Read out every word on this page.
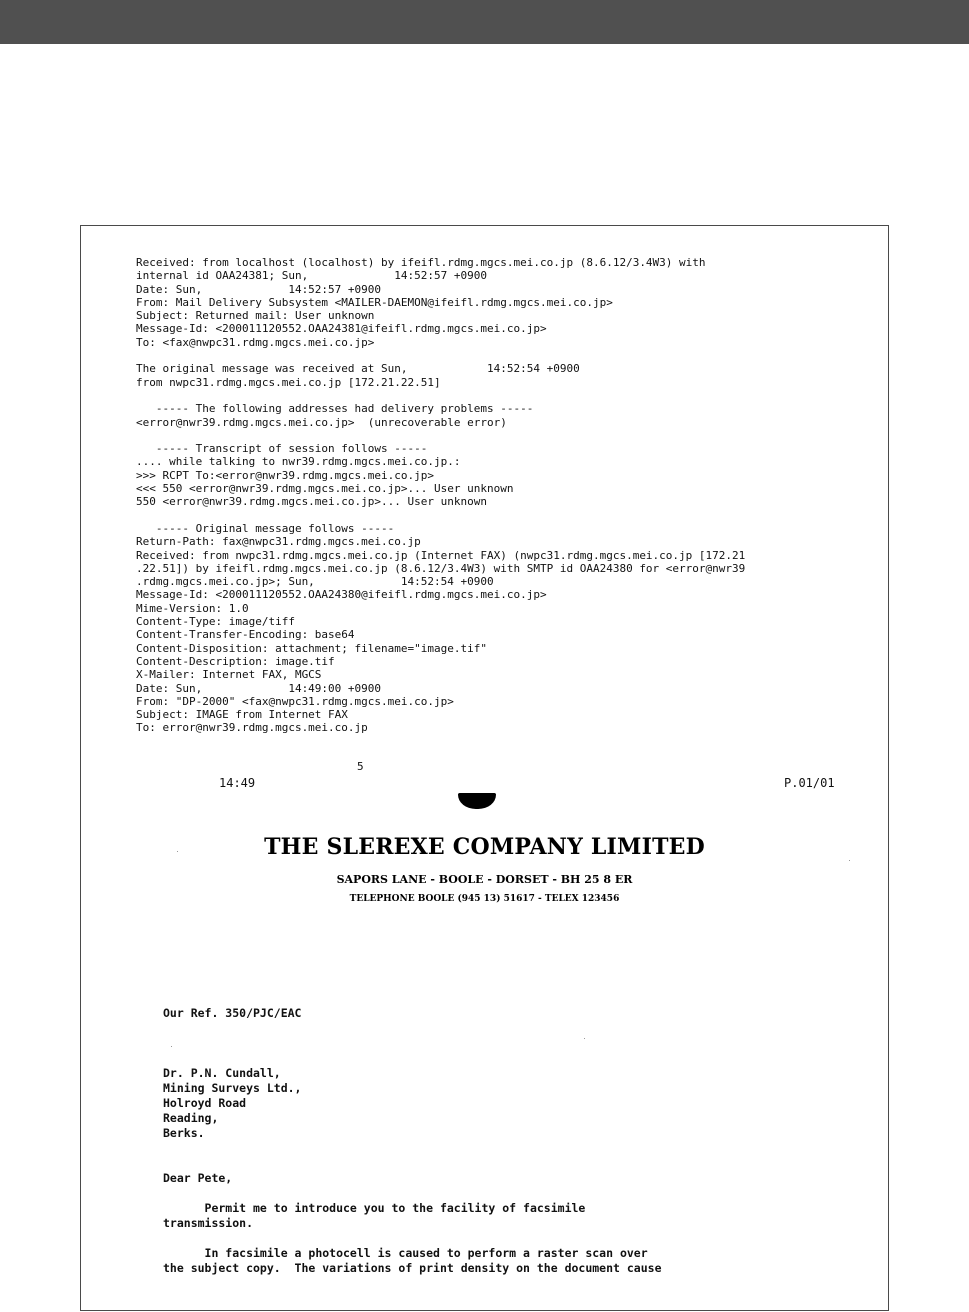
Received: from localhost (localhost) by ifeifl.rdmg.mgcs.mei.co.jp (8.6.12/3.4W3) with
internal id OAA24381; Sun,             14:52:57 +0900
Date: Sun,             14:52:57 +0900
From: Mail Delivery Subsystem <MAILER-DAEMON@ifeifl.rdmg.mgcs.mei.co.jp>
Subject: Returned mail: User unknown
Message-Id: <200011120552.OAA24381@ifeifl.rdmg.mgcs.mei.co.jp>
To: <fax@nwpc31.rdmg.mgcs.mei.co.jp>

The original message was received at Sun,            14:52:54 +0900
from nwpc31.rdmg.mgcs.mei.co.jp [172.21.22.51]

----- The following addresses had delivery problems -----
<error@nwr39.rdmg.mgcs.mei.co.jp>  (unrecoverable error)

----- Transcript of session follows -----
.... while talking to nwr39.rdmg.mgcs.mei.co.jp.:
>>> RCPT To:<error@nwr39.rdmg.mgcs.mei.co.jp>
<<< 550 <error@nwr39.rdmg.mgcs.mei.co.jp>... User unknown
550 <error@nwr39.rdmg.mgcs.mei.co.jp>... User unknown

----- Original message follows -----
Return-Path: fax@nwpc31.rdmg.mgcs.mei.co.jp
Received: from nwpc31.rdmg.mgcs.mei.co.jp (Internet FAX) (nwpc31.rdmg.mgcs.mei.co.jp [172.21
.22.51]) by ifeifl.rdmg.mgcs.mei.co.jp (8.6.12/3.4W3) with SMTP id OAA24380 for <error@nwr39
.rdmg.mgcs.mei.co.jp>; Sun,             14:52:54 +0900
Message-Id: <200011120552.OAA24380@ifeifl.rdmg.mgcs.mei.co.jp>
Mime-Version: 1.0
Content-Type: image/tiff
Content-Transfer-Encoding: base64
Content-Disposition: attachment; filename="image.tif"
Content-Description: image.tif
X-Mailer: Internet FAX, MGCS
Date: Sun,             14:49:00 +0900
From: "DP-2000" <fax@nwpc31.rdmg.mgcs.mei.co.jp>
Subject: IMAGE from Internet FAX
To: error@nwr39.rdmg.mgcs.mei.co.jp
5
14:49	P.01/01
THE SLEREXE COMPANY LIMITED
SAPORS LANE - BOOLE - DORSET - BH 25 8 ER
TELEPHONE BOOLE (945 13) 51617 - TELEX 123456
Our Ref. 350/PJC/EAC

Dr. P.N. Cundall,
Mining Surveys Ltd.,
Holroyd Road
Reading,
Berks.

Dear Pete,

Permit me to introduce you to the facility of facsimile
transmission.

In facsimile a photocell is caused to perform a raster scan over
the subject copy.  The variations of print density on the document cause
